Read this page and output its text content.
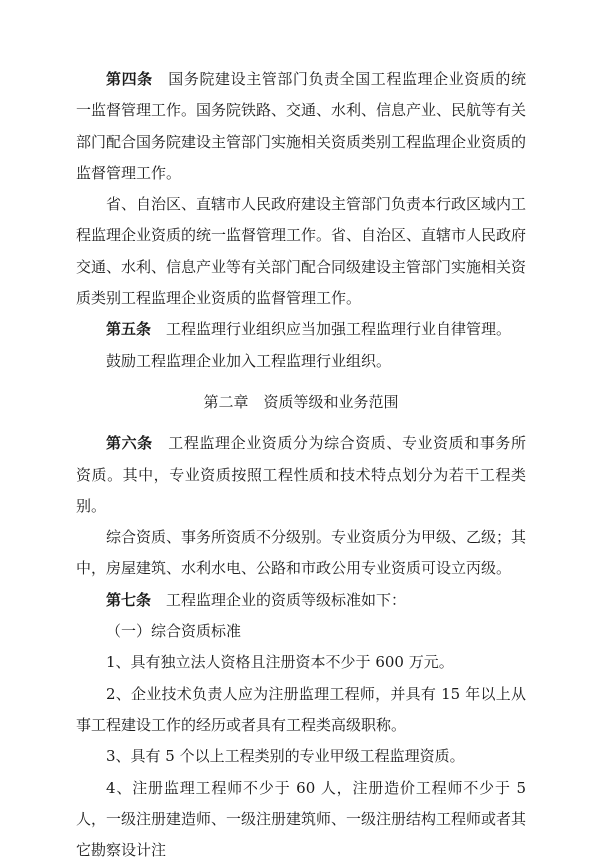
第四条  国务院建设主管部门负责全国工程监理企业资质的统一监督管理工作。国务院铁路、交通、水利、信息产业、民航等有关部门配合国务院建设主管部门实施相关资质类别工程监理企业资质的监督管理工作。

省、自治区、直辖市人民政府建设主管部门负责本行政区域内工程监理企业资质的统一监督管理工作。省、自治区、直辖市人民政府交通、水利、信息产业等有关部门配合同级建设主管部门实施相关资质类别工程监理企业资质的监督管理工作。

第五条  工程监理行业组织应当加强工程监理行业自律管理。

鼓励工程监理企业加入工程监理行业组织。

第二章　资质等级和业务范围

第六条  工程监理企业资质分为综合资质、专业资质和事务所资质。其中，专业资质按照工程性质和技术特点划分为若干工程类别。

综合资质、事务所资质不分级别。专业资质分为甲级、乙级；其中，房屋建筑、水利水电、公路和市政公用专业资质可设立丙级。

第七条  工程监理企业的资质等级标准如下：

（一）综合资质标准

1、具有独立法人资格且注册资本不少于 600 万元。

2、企业技术负责人应为注册监理工程师，并具有 15 年以上从事工程建设工作的经历或者具有工程类高级职称。

3、具有 5 个以上工程类别的专业甲级工程监理资质。

4、注册监理工程师不少于 60 人，注册造价工程师不少于 5 人，一级注册建造师、一级注册建筑师、一级注册结构工程师或者其它勘察设计注
